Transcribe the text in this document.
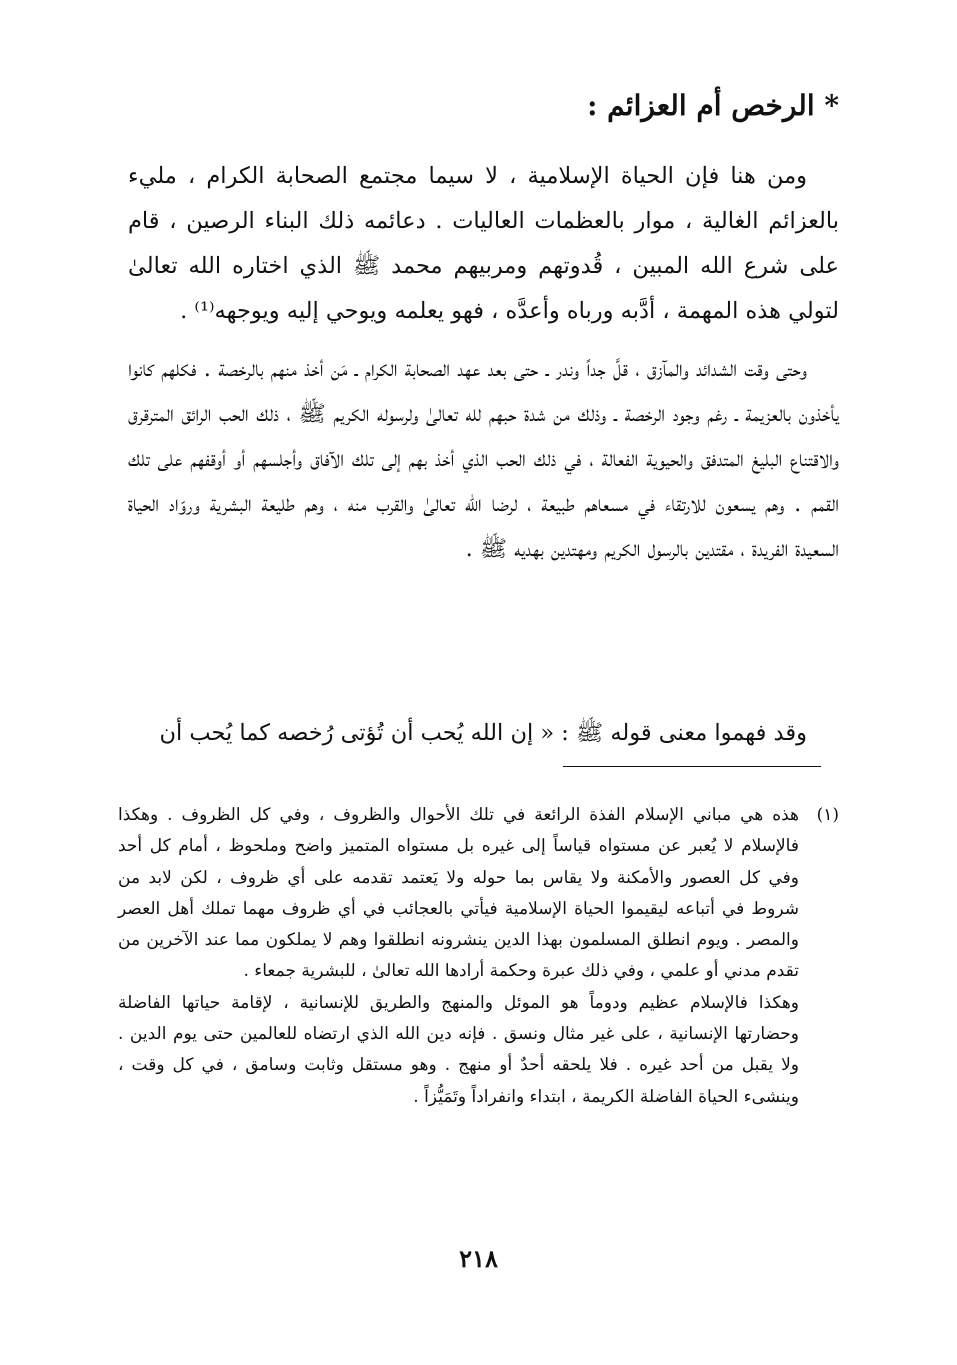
* الرخص أم العزائم :

ومن هنا فإن الحياة الإسلامية ، لا سيما مجتمع الصحابة الكرام ، مليء بالعزائم الغالية ، موار بالعظمات العاليات . دعائمه ذلك البناء الرصين ، قام على شرع الله المبين ، قُدوتهم ومربيهم محمد ﷺ الذي اختاره الله تعالىٰ لتولي هذه المهمة ، أدَّبه ورباه وأعدَّه ، فهو يعلمه ويوحي إليه ويوجهه⁽¹⁾ .

وحتى وقت الشدائد والمآزق ، قلَّ جداً وندر ـ حتى بعد عهد الصحابة الكرام ـ مَن أخذ منهم بالرخصة . فكلهم كانوا يأخذون بالعزيمة ـ رغم وجود الرخصة ـ وذلك من شدة حبهم لله تعالىٰ ولرسوله الكريم ﷺ ، ذلك الحب الرائق المترقرق والاقتناع البليغ المتدفق والحيوية الفعالة ، في ذلك الحب الذي أخذ بهم إلى تلك الآفاق وأجلسهم أو أوقفهم على تلك القمم . وهم يسعون للارتقاء في مسعاهم طبيعة ، لرضا الله تعالىٰ والقرب منه ، وهم طليعة البشرية وروّاد الحياة السعيدة الفريدة ، مقتدين بالرسول الكريم ومهتدين بهديه ﷺ .

وقد فهموا معنى قوله ﷺ : « إن الله يُحب أن تُؤتى رُخصه كما يُحب أن

(١)

هذه هي مباني الإسلام الفذة الرائعة في تلك الأحوال والظروف ، وفي كل الظروف . وهكذا فالإسلام لا يُعبر عن مستواه قياساً إلى غيره بل مستواه المتميز واضح وملحوظ ، أمام كل أحد وفي كل العصور والأمكنة ولا يقاس بما حوله ولا يَعتمد تقدمه على أي ظروف ، لكن لابد من شروط في أتباعه ليقيموا الحياة الإسلامية فيأتي بالعجائب في أي ظروف مهما تملك أهل العصر والمصر . ويوم انطلق المسلمون بهذا الدين ينشرونه انطلقوا وهم لا يملكون مما عند الآخرين من تقدم مدني أو علمي ، وفي ذلك عبرة وحكمة أرادها الله تعالىٰ ، للبشرية جمعاء .

وهكذا فالإسلام عظيم ودوماً هو الموئل والمنهج والطريق للإنسانية ، لإقامة حياتها الفاضلة وحضارتها الإنسانية ، على غير مثال ونسق . فإنه دين الله الذي ارتضاه للعالمين حتى يوم الدين . ولا يقبل من أحد غيره . فلا يلحقه أحدٌ أو منهج . وهو مستقل وثابت وسامق ، في كل وقت ، وينشىء الحياة الفاضلة الكريمة ، ابتداء وانفراداً وتَمَيُّزاً .

٢١٨
